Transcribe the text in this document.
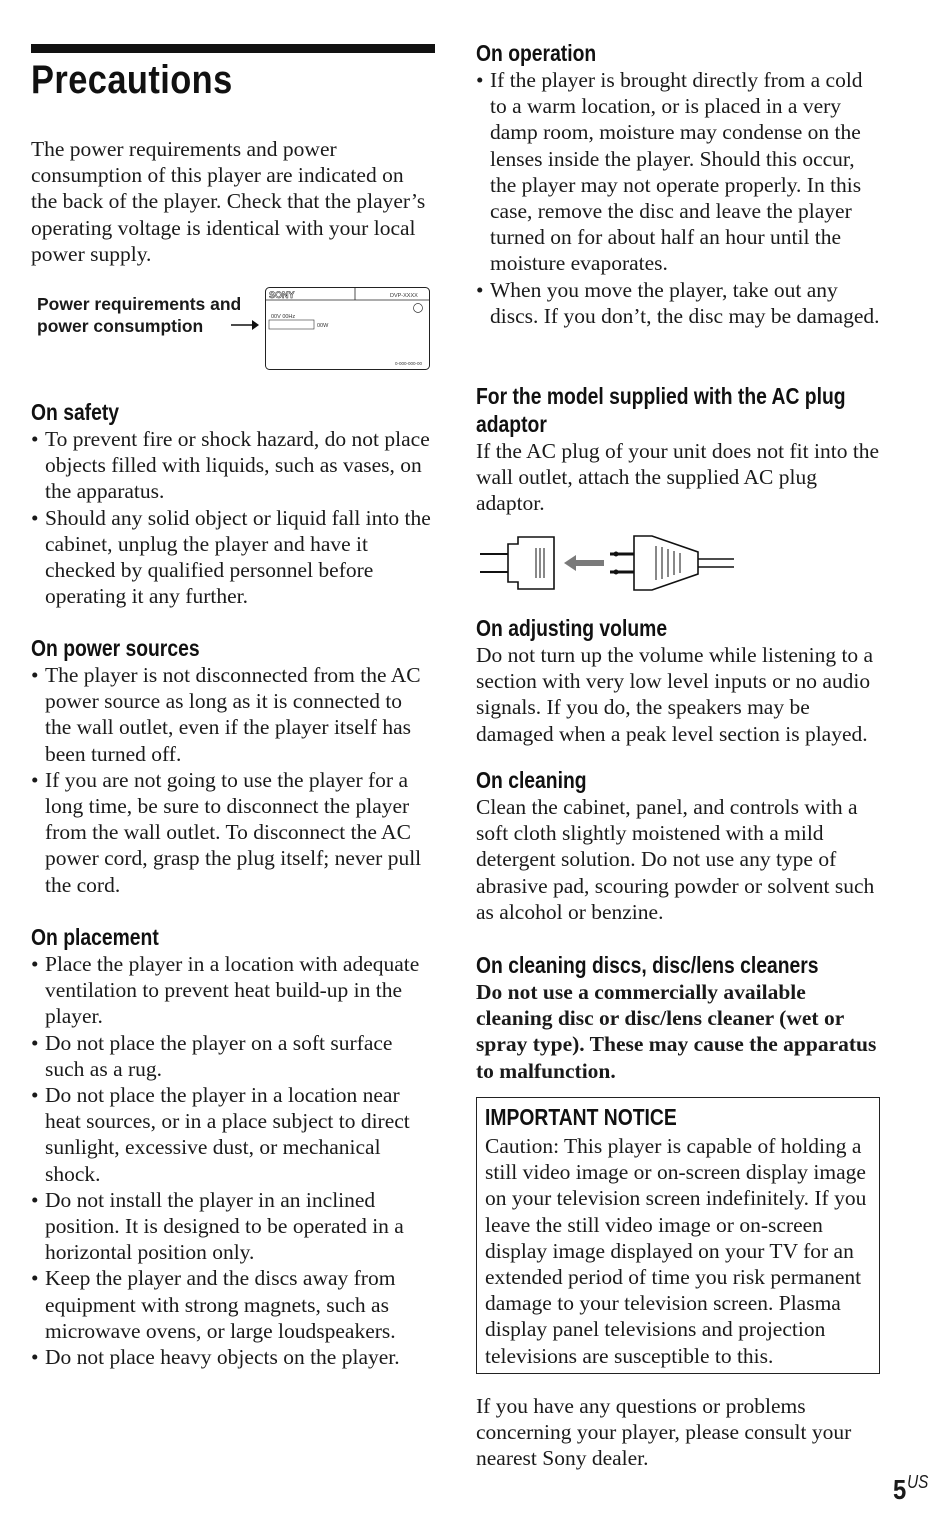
Precautions

The power requirements and power consumption of this player are indicated on the back of the player. Check that the player’s operating voltage is identical with your local power supply.

Power requirements and
power consumption
SONY	DVP-XXXX
00V 00Hz
00W
0-000-000-00
On safety
• To prevent fire or shock hazard, do not place objects filled with liquids, such as vases, on the apparatus.
• Should any solid object or liquid fall into the cabinet, unplug the player and have it checked by qualified personnel before operating it any further.
On power sources
• The player is not disconnected from the AC power source as long as it is connected to the wall outlet, even if the player itself has been turned off.
• If you are not going to use the player for a long time, be sure to disconnect the player from the wall outlet. To disconnect the AC power cord, grasp the plug itself; never pull the cord.
On placement
• Place the player in a location with adequate ventilation to prevent heat build-up in the player.
• Do not place the player on a soft surface such as a rug.
• Do not place the player in a location near heat sources, or in a place subject to direct sunlight, excessive dust, or mechanical shock.
• Do not install the player in an inclined position. It is designed to be operated in a horizontal position only.
• Keep the player and the discs away from equipment with strong magnets, such as microwave ovens, or large loudspeakers.
• Do not place heavy objects on the player.
On operation
• If the player is brought directly from a cold to a warm location, or is placed in a very damp room, moisture may condense on the lenses inside the player. Should this occur, the player may not operate properly. In this case, remove the disc and leave the player turned on for about half an hour until the moisture evaporates.
• When you move the player, take out any discs. If you don’t, the disc may be damaged.
For the model supplied with the AC plug adaptor

If the AC plug of your unit does not fit into the wall outlet, attach the supplied AC plug adaptor.

On adjusting volume

Do not turn up the volume while listening to a section with very low level inputs or no audio signals. If you do, the speakers may be damaged when a peak level section is played.

On cleaning

Clean the cabinet, panel, and controls with a soft cloth slightly moistened with a mild detergent solution. Do not use any type of abrasive pad, scouring powder or solvent such as alcohol or benzine.

On cleaning discs, disc/lens cleaners

Do not use a commercially available cleaning disc or disc/lens cleaner (wet or spray type). These may cause the apparatus to malfunction.

IMPORTANT NOTICE

Caution: This player is capable of holding a still video image or on-screen display image on your television screen indefinitely. If you leave the still video image or on-screen display image displayed on your TV for an extended period of time you risk permanent damage to your television screen. Plasma display panel televisions and projection televisions are susceptible to this.

If you have any questions or problems concerning your player, please consult your nearest Sony dealer.

$5^{US}$
